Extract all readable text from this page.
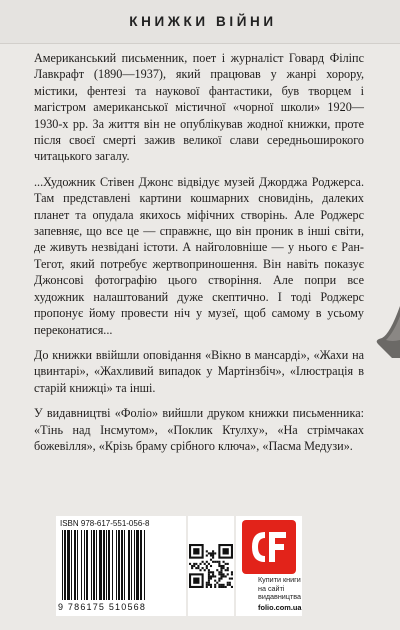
КНИЖКИ ВІЙНИ

Американський письменник, поет і журналіст Говард Філіпс Лавкрафт (1890—1937), який працював у жанрі хорору, містики, фентезі та наукової фантастики, був творцем і магістром американської містичної «чорної школи» 1920—1930-х рр. За життя він не опублікував жодної книжки, проте після своєї смерті зажив великої слави середньоширокого читацького загалу.

...Художник Стівен Джонс відвідує музей Джорджа Роджерса. Там представлені картини кошмарних сновидінь, далеких планет та опудала якихось міфічних створінь. Але Роджерс запевняє, що все це — справжнє, що він проник в інші світи, де живуть незвідані істоти. А найголовніше — у нього є Ран-Тегот, який потребує жертвоприношення. Він навіть показує Джонсові фотографію цього створіння. Але попри все художник налаштований дуже скептично. І тоді Роджерс пропонує йому провести ніч у музеї, щоб самому в усьому переконатися...

До книжки ввійшли оповідання «Вікно в мансарді», «Жахи на цвинтарі», «Жахливий випадок у Мартінзбіч», «Ілюстрація в старій книжці» та інші.

У видавництві «Фоліо» вийшли друком книжки письменника: «Тінь над Інсмутом», «Поклик Ктулху», «На стрімчаках божевілля», «Крізь браму срібного ключа», «Пасма Медузи».

ISBN 978-617-551-056-8
9 786175 510568
Купити книги на сайті видавництва
folio.com.ua
